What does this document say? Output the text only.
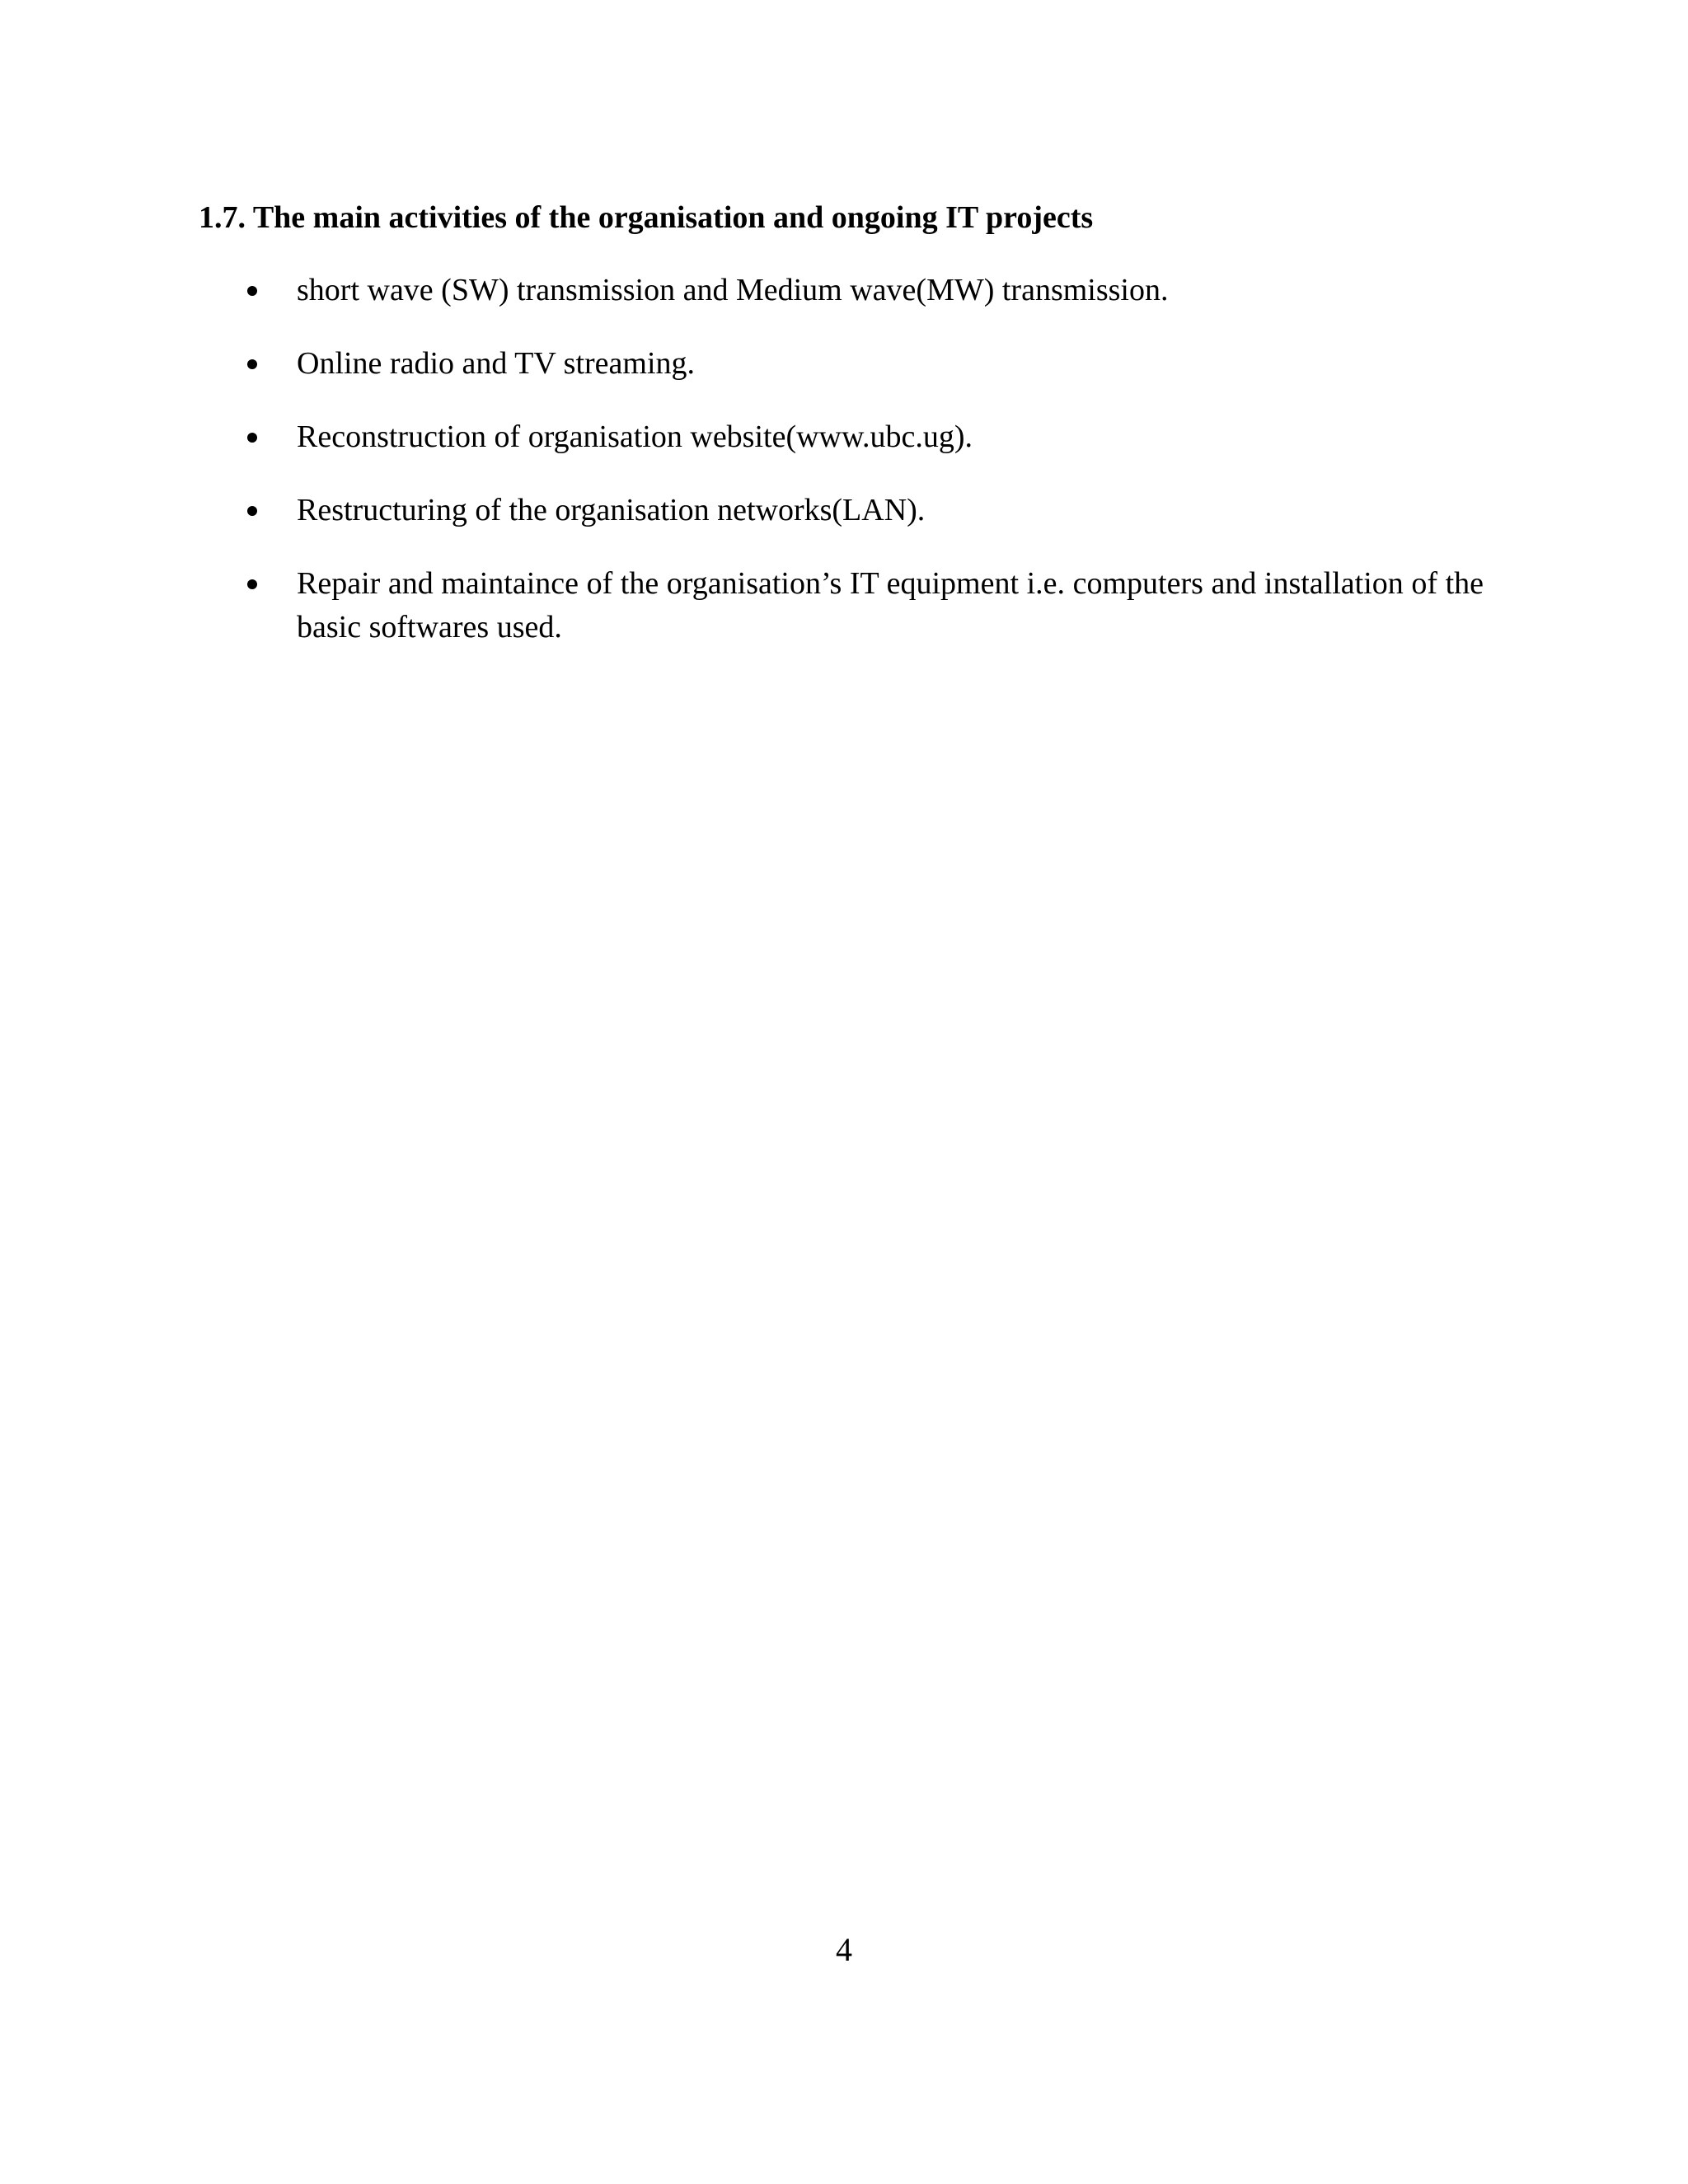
1.7. The main activities of the organisation and ongoing IT projects
short wave (SW) transmission and Medium wave(MW) transmission.
Online radio and TV streaming.
Reconstruction of organisation website(www.ubc.ug).
Restructuring of the organisation networks(LAN).
Repair and maintaince of the organisation’s IT equipment i.e. computers and installation of the basic softwares used.

4
